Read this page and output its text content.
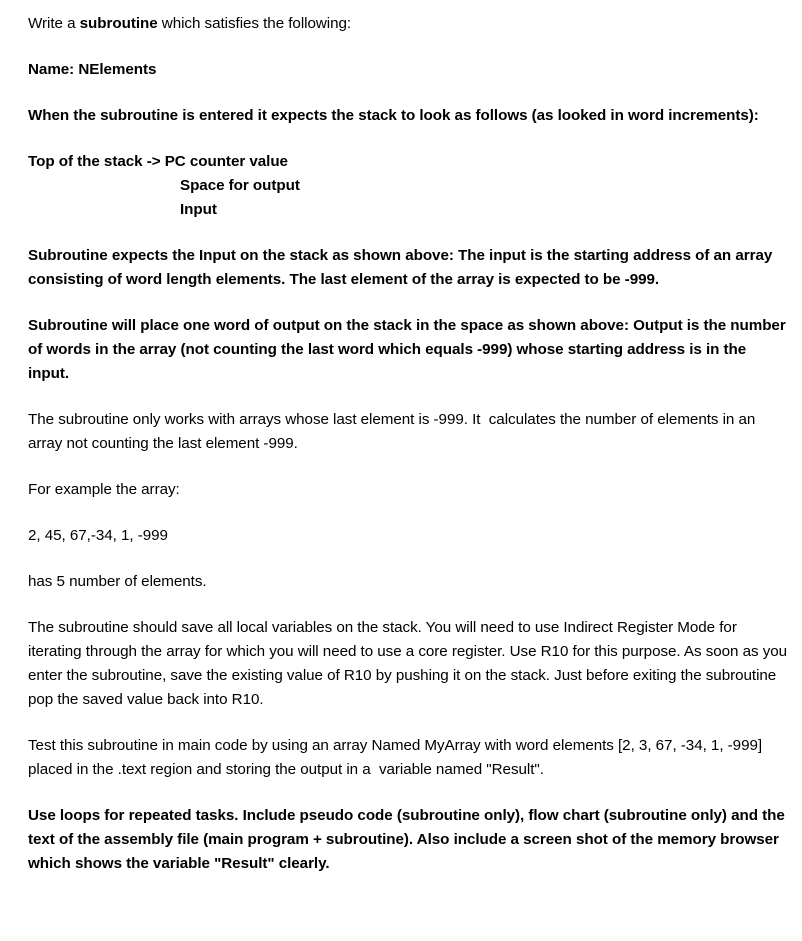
Write a subroutine which satisfies the following:

Name: NElements

When the subroutine is entered it expects the stack to look as follows (as looked in word increments):

Top of the stack -> PC counter value
Space for output
Input

Subroutine expects the Input on the stack as shown above: The input is the starting address of an array consisting of word length elements. The last element of the array is expected to be -999.

Subroutine will place one word of output on the stack in the space as shown above: Output is the number of words in the array (not counting the last word which equals -999) whose starting address is in the input.

The subroutine only works with arrays whose last element is -999. It  calculates the number of elements in an array not counting the last element -999.

For example the array:

2, 45, 67,-34, 1, -999

has 5 number of elements.

The subroutine should save all local variables on the stack. You will need to use Indirect Register Mode for iterating through the array for which you will need to use a core register. Use R10 for this purpose. As soon as you enter the subroutine, save the existing value of R10 by pushing it on the stack. Just before exiting the subroutine pop the saved value back into R10.

Test this subroutine in main code by using an array Named MyArray with word elements [2, 3, 67, -34, 1, -999] placed in the .text region and storing the output in a  variable named "Result".

Use loops for repeated tasks. Include pseudo code (subroutine only), flow chart (subroutine only) and the text of the assembly file (main program + subroutine). Also include a screen shot of the memory browser which shows the variable "Result" clearly.
